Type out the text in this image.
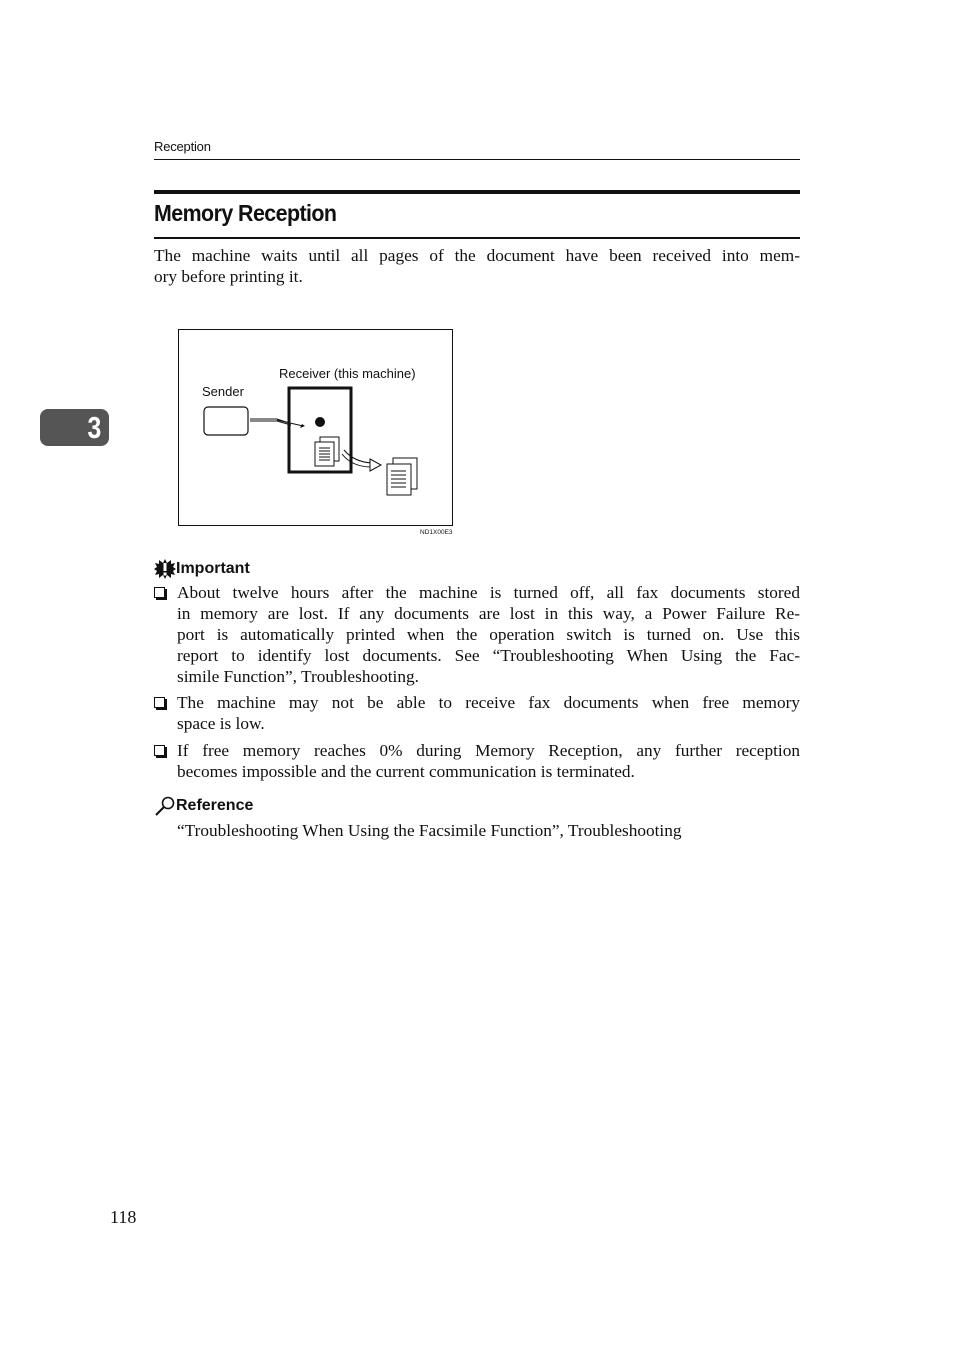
Reception
Memory Reception

The machine waits until all pages of the document have been received into mem-
ory before printing it.

3
Receiver (this machine)
Sender
ND1X00E3
Important
About twelve hours after the machine is turned off, all fax documents stored
in memory are lost. If any documents are lost in this way, a Power Failure Re-
port is automatically printed when the operation switch is turned on. Use this
report to identify lost documents. See “Troubleshooting When Using the Fac-
simile Function”, Troubleshooting.
The machine may not be able to receive fax documents when free memory
space is low.
If free memory reaches 0% during Memory Reception, any further reception
becomes impossible and the current communication is terminated.
Reference
“Troubleshooting When Using the Facsimile Function”, Troubleshooting
118
